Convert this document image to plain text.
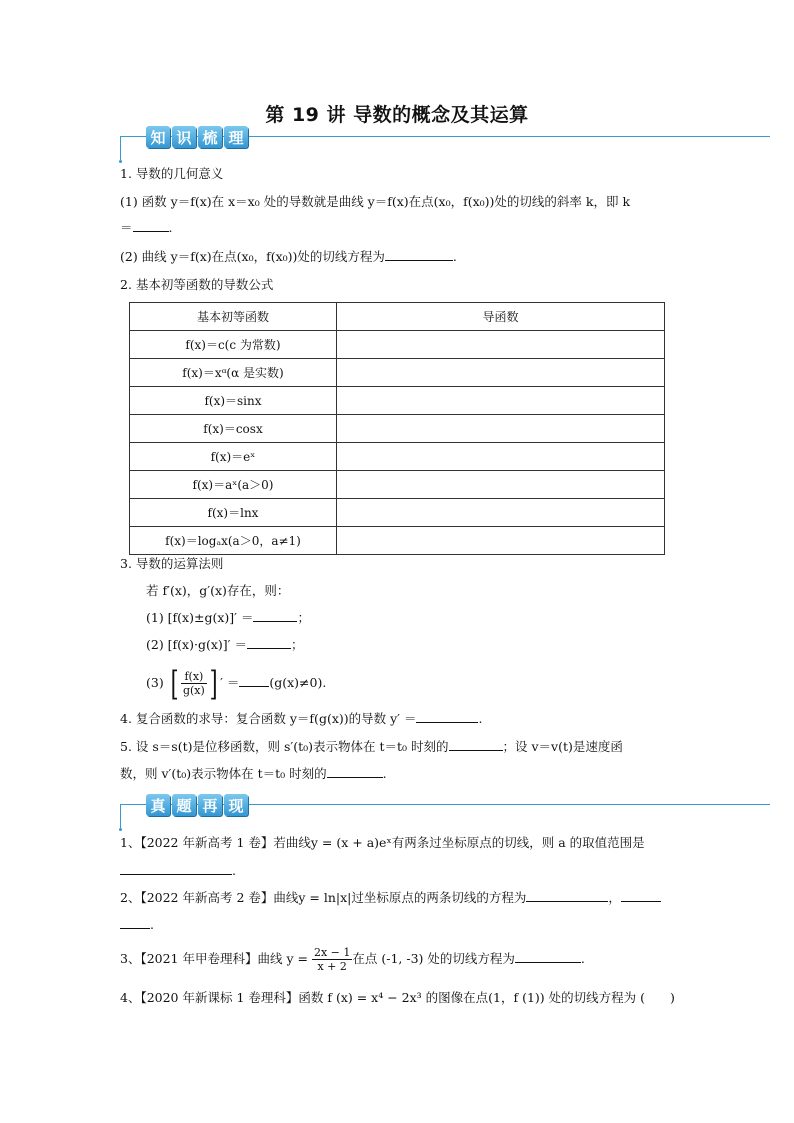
第 19 讲 导数的概念及其运算
知 识 梳 理
1. 导数的几何意义
(1) 函数 y＝f(x)在 x＝x₀ 处的导数就是曲线 y＝f(x)在点(x₀，f(x₀))处的切线的斜率 k，即 k
＝	.
(2) 曲线 y＝f(x)在点(x₀，f(x₀))处的切线方程为	.
2. 基本初等函数的导数公式
基本初等函数	导函数
f(x)＝c(c 为常数)	
f(x)＝xᵅ(α 是实数)	
f(x)＝sinx	
f(x)＝cosx	
f(x)＝eˣ	
f(x)＝aˣ(a＞0)	
f(x)＝lnx	
f(x)＝logₐx(a＞0，a≠1)	
3. 导数的运算法则
若 f′(x)，g′(x)存在，则：
(1) [f(x)±g(x)]′ ＝	；
(2) [f(x)·g(x)]′ ＝	；
(3) [ $\frac{f(x)}{g(x)}$ ] ′ ＝ (g(x)≠0).
4. 复合函数的求导：复合函数 y＝f(g(x))的导数 y′ ＝	.
5. 设 s＝s(t)是位移函数，则 s′(t₀)表示物体在 t＝t₀ 时刻的	；设 v＝v(t)是速度函
数，则 v′(t₀)表示物体在 t＝t₀ 时刻的	.
真 题 再 现
1、【2022 年新高考 1 卷】若曲线y = (x + a)eˣ有两条过坐标原点的切线，则 a 的取值范围是
.
2、【2022 年新高考 2 卷】曲线y = ln|x|过坐标原点的两条切线的方程为	，
.
3、【2021 年甲卷理科】曲线 $y = \frac{2x - 1}{x + 2}$ 在点 (-1, -3) 处的切线方程为	.
4、【2020 年新课标 1 卷理科】函数 f (x) = x⁴ − 2x³ 的图像在点(1，f (1)) 处的切线方程为 (　　)
